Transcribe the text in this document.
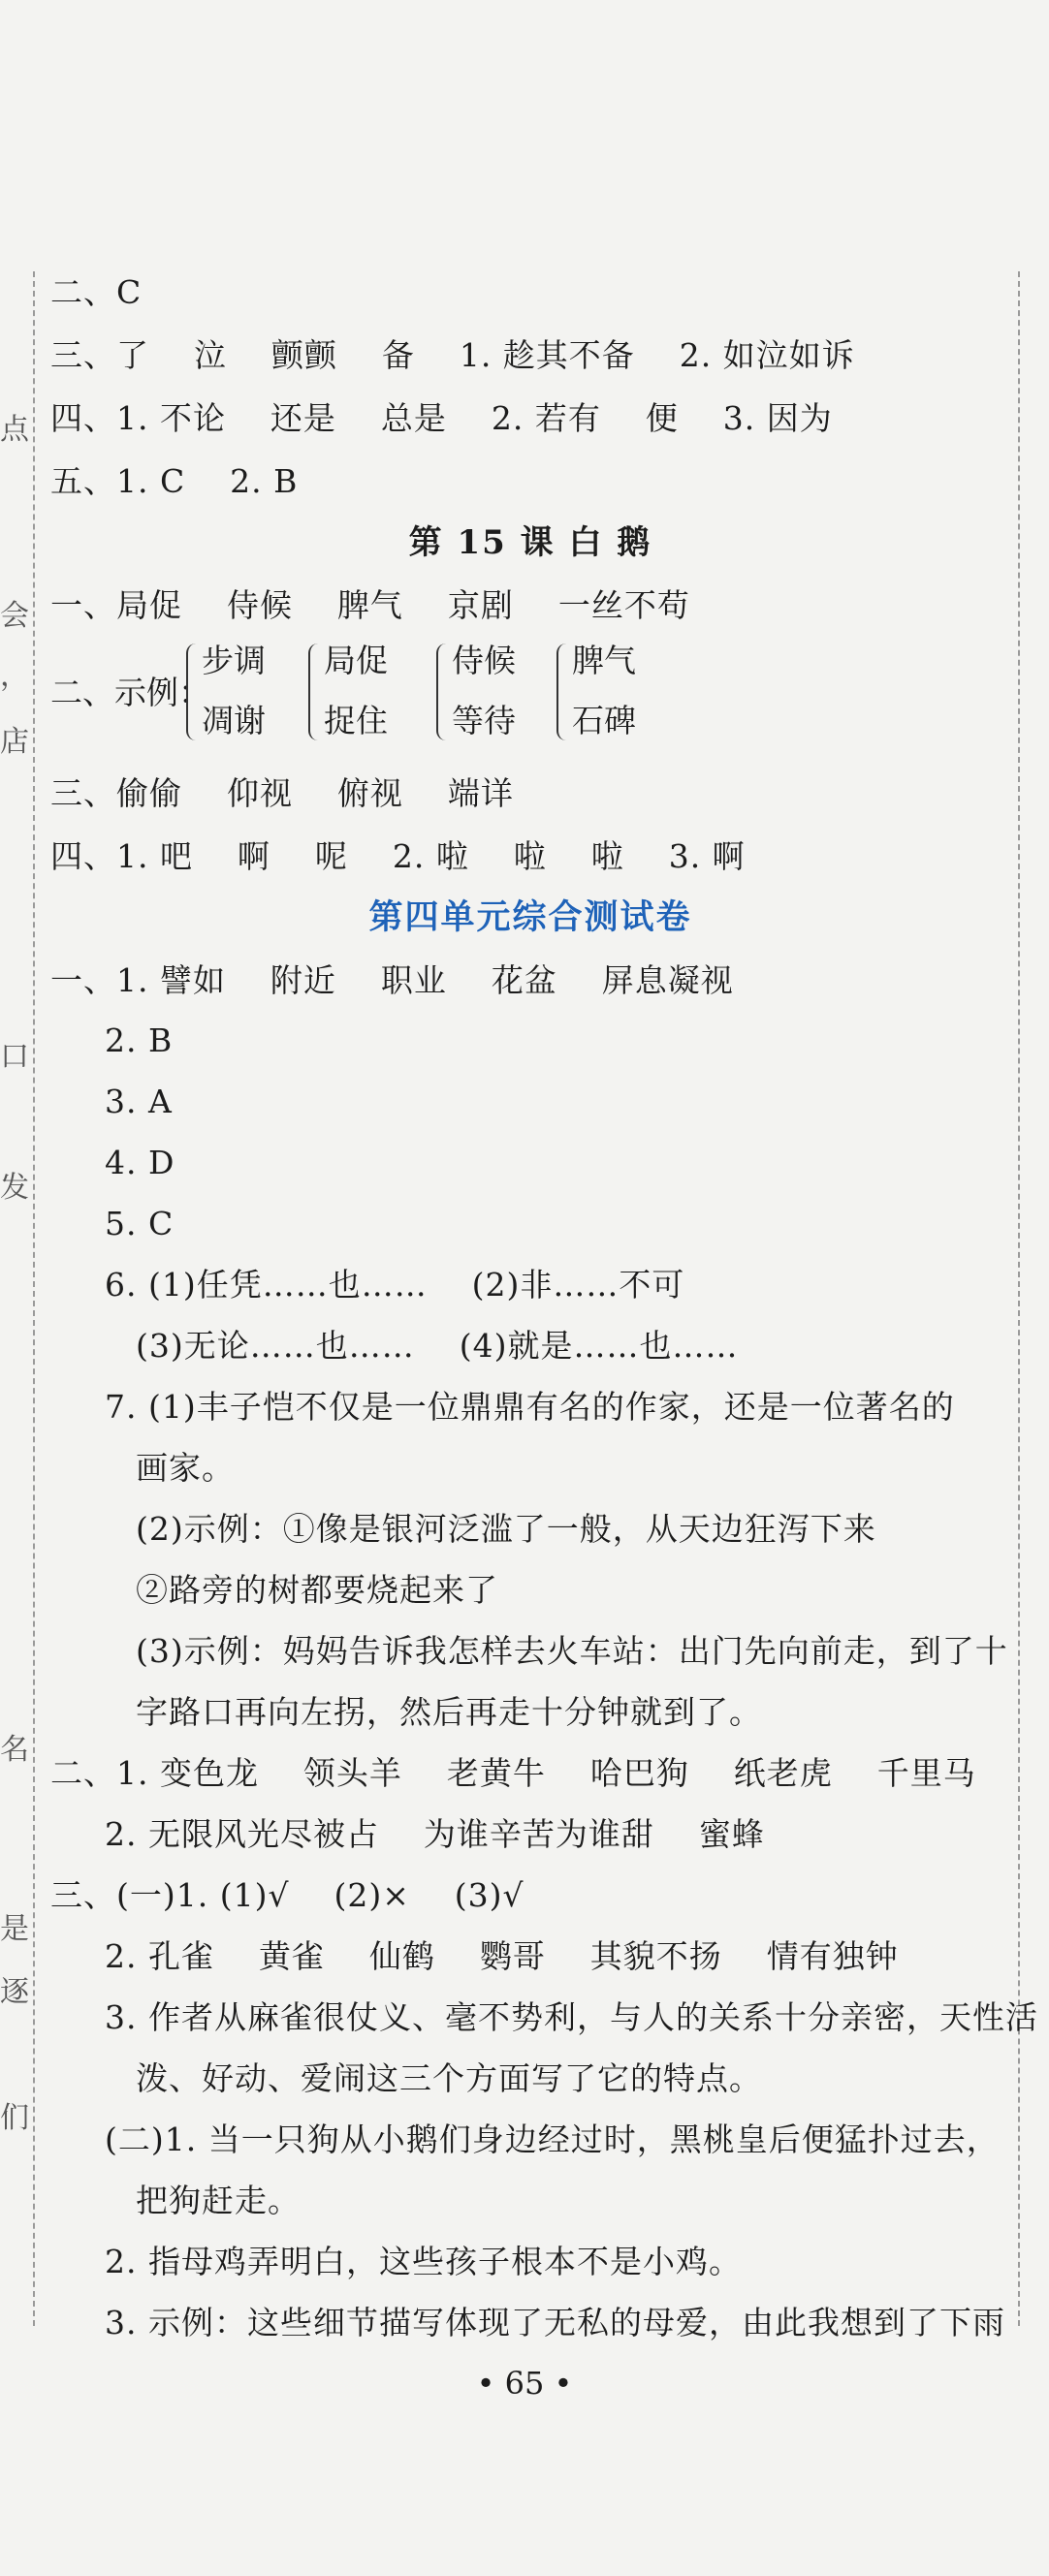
点
会
，
店
口
发
名
是
逐
们
二、C
三、了    泣    颤颤    备    1. 趁其不备    2. 如泣如诉
四、1. 不论    还是    总是    2. 若有    便    3. 因为
五、1. C    2. B
第 15 课 白 鹅
一、局促    侍候    脾气    京剧    一丝不苟
二、示例：
步调
凋谢
局促
捉住
侍候
等待
脾气
石碑
三、偷偷    仰视    俯视    端详
四、1. 吧    啊    呢    2. 啦    啦    啦    3. 啊
第四单元综合测试卷
一、1. 譬如    附近    职业    花盆    屏息凝视
2. B
3. A
4. D
5. C
6. (1)任凭……也……    (2)非……不可
(3)无论……也……    (4)就是……也……
7. (1)丰子恺不仅是一位鼎鼎有名的作家，还是一位著名的
画家。
(2)示例：①像是银河泛滥了一般，从天边狂泻下来
②路旁的树都要烧起来了
(3)示例：妈妈告诉我怎样去火车站：出门先向前走，到了十
字路口再向左拐，然后再走十分钟就到了。
二、1. 变色龙    领头羊    老黄牛    哈巴狗    纸老虎    千里马
2. 无限风光尽被占    为谁辛苦为谁甜    蜜蜂
三、(一)1. (1)√    (2)×    (3)√
2. 孔雀    黄雀    仙鹤    鹦哥    其貌不扬    情有独钟
3. 作者从麻雀很仗义、毫不势利，与人的关系十分亲密，天性活
泼、好动、爱闹这三个方面写了它的特点。
(二)1. 当一只狗从小鹅们身边经过时，黑桃皇后便猛扑过去，
把狗赶走。
2. 指母鸡弄明白，这些孩子根本不是小鸡。
3. 示例：这些细节描写体现了无私的母爱，由此我想到了下雨
• 65 •
